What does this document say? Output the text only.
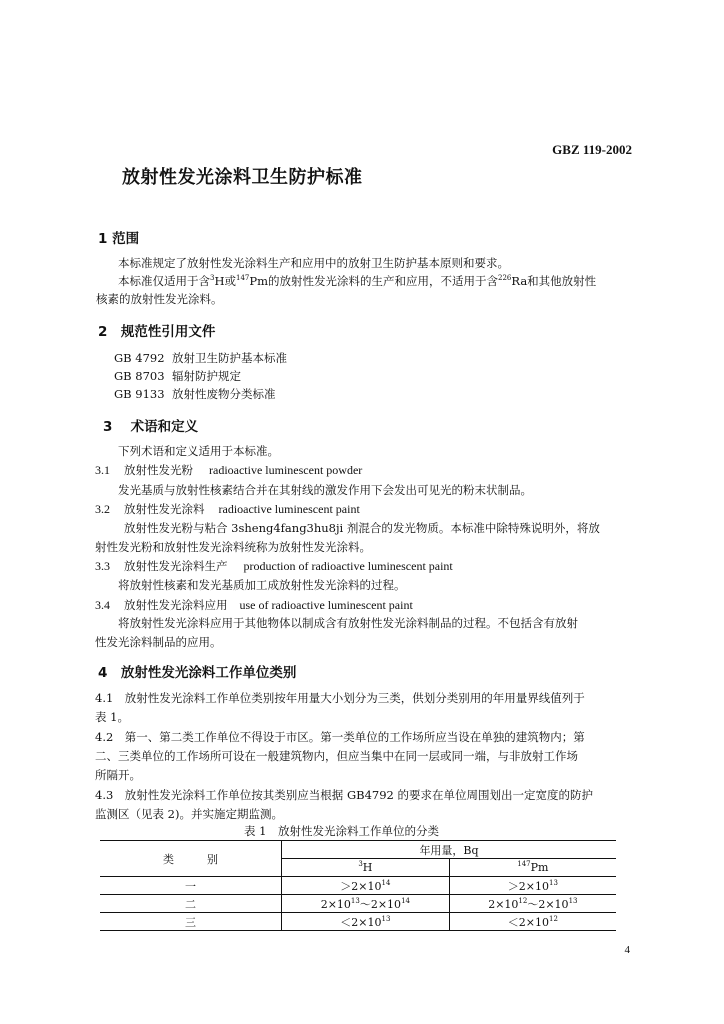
GBZ 119-2002
放射性发光涂料卫生防护标准
1 范围
本标准规定了放射性发光涂料生产和应用中的放射卫生防护基本原则和要求。
本标准仅适用于含$^3$H或$^{147}$Pm的放射性发光涂料的生产和应用，不适用于含$^{226}$Ra和其他放射性
核素的放射性发光涂料。
2　规范性引用文件
GB 4792 放射卫生防护基本标准
GB 8703 辐射防护规定
GB 9133 放射性废物分类标准
3　 术语和定义
下列术语和定义适用于本标准。
3.1 放射性发光粉 radioactive luminescent powder
发光基质与放射性核素结合并在其射线的激发作用下会发出可见光的粉末状制品。
3.2 放射性发光涂料 radioactive luminescent paint
放射性发光粉与粘合 3sheng4fang3hu8ji 剂混合的发光物质。本标准中除特殊说明外，将放
射性发光粉和放射性发光涂料统称为放射性发光涂料。
3.3 放射性发光涂料生产 production of radioactive luminescent paint
将放射性核素和发光基质加工成放射性发光涂料的过程。
3.4 放射性发光涂料应用 use of radioactive luminescent paint
将放射性发光涂料应用于其他物体以制成含有放射性发光涂料制品的过程。不包括含有放射
性发光涂料制品的应用。
4　放射性发光涂料工作单位类别
4.1　放射性发光涂料工作单位类别按年用量大小划分为三类，供划分类别用的年用量界线值列于
表 1。
4.2　第一、第二类工作单位不得设于市区。第一类单位的工作场所应当设在单独的建筑物内；第
二、三类单位的工作场所可设在一般建筑物内，但应当集中在同一层或同一端，与非放射工作场
所隔开。
4.3　放射性发光涂料工作单位按其类别应当根据 GB4792 的要求在单位周围划出一定宽度的防护
监测区（见表 2)。并实施定期监测。
表 1　放射性发光涂料工作单位的分类
类　　　别	年用量，Bq	
	$^3$H	$^{147}$Pm
一	$>2\times 10^{14}$	$>2\times 10^{13}$
二	$2\times 10^{13}\sim 2\times 10^{14}$	$2\times 10^{12}\sim 2\times 10^{13}$
三	$<2\times 10^{13}$	$<2\times 10^{12}$
4
